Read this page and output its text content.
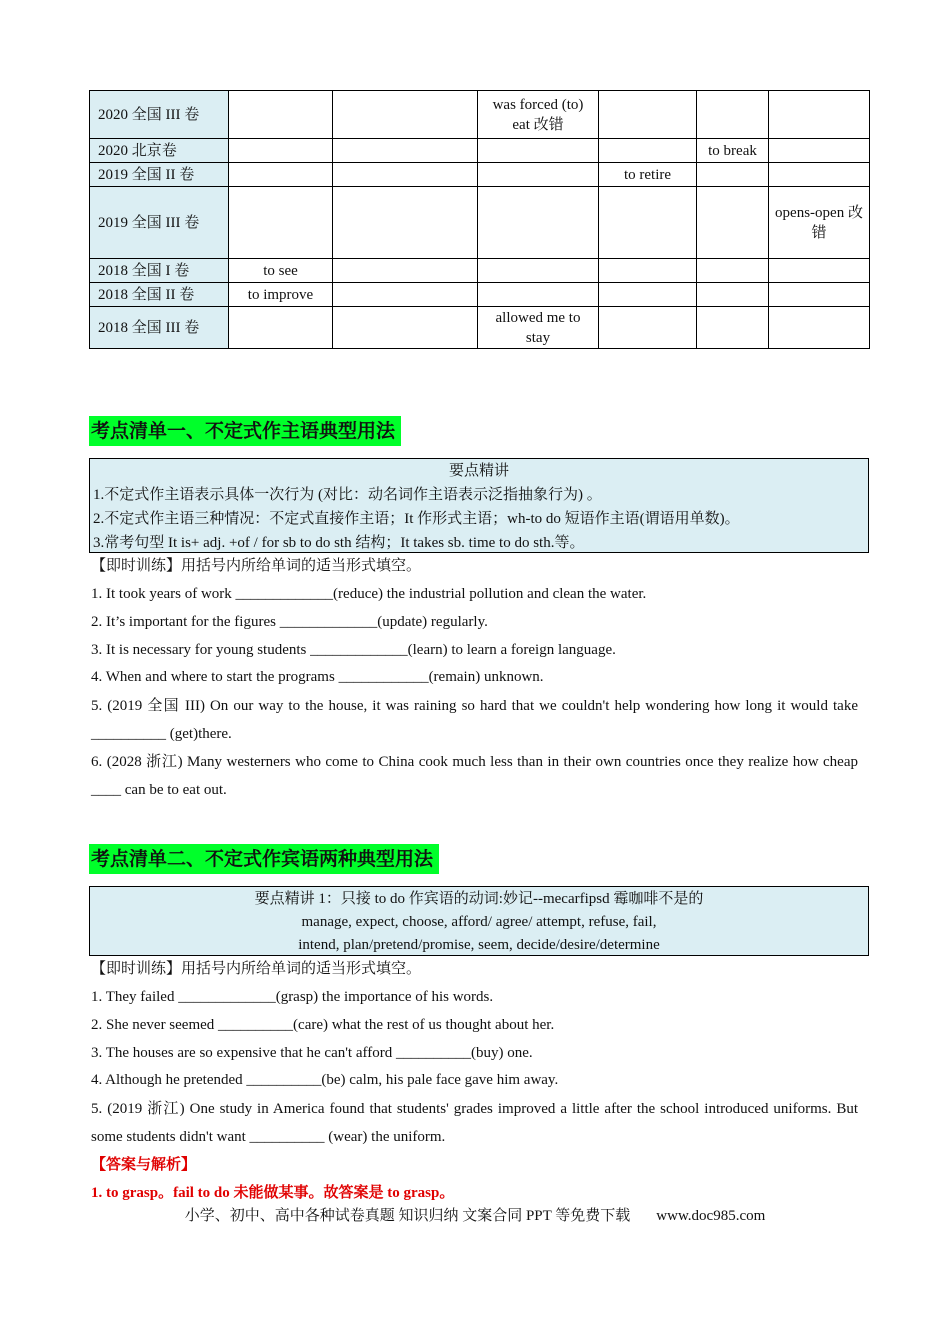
2020 全国 III 卷			was forced (to) eat 改错			
2020 北京卷					to break	
2019 全国 II 卷				to retire		
2019 全国 III 卷						opens-open 改错
2018 全国 I 卷	to see					
2018 全国 II 卷	to improve					
2018 全国 III 卷			allowed me to stay			
考点清单一、不定式作主语典型用法
要点精讲
1.不定式作主语表示具体一次行为 (对比：动名词作主语表示泛指抽象行为) 。
2.不定式作主语三种情况：不定式直接作主语；It 作形式主语；wh-to do 短语作主语(谓语用单数)。
3.常考句型 It is+ adj. +of / for sb to do sth 结构；It takes sb. time to do sth.等。
【即时训练】用括号内所给单词的适当形式填空。
1. It took years of work _____________(reduce) the industrial pollution and clean the water.
2. It’s important for the figures _____________(update) regularly.
3. It is necessary for young students _____________(learn) to learn a foreign language.
4. When and where to start the programs ____________(remain) unknown.
5. (2019 全国 III) On our way to the house, it was raining so hard that we couldn't help wondering how long it would take __________ (get)there.
6. (2028 浙江) Many westerners who come to China cook much less than in their own countries once they realize how cheap ____ can be to eat out.
考点清单二、不定式作宾语两种典型用法
要点精讲 1：只接 to do 作宾语的动词:妙记--mecarfipsd 霉咖啡不是的
manage, expect, choose, afford/ agree/ attempt, refuse, fail,
intend, plan/pretend/promise, seem, decide/desire/determine
【即时训练】用括号内所给单词的适当形式填空。
1. They failed _____________(grasp) the importance of his words.
2. She never seemed __________(care) what the rest of us thought about her.
3. The houses are so expensive that he can't afford __________(buy) one.
4. Although he pretended __________(be) calm, his pale face gave him away.
5. (2019 浙江) One study in America found that students' grades improved a little after the school introduced uniforms. But some students didn't want __________ (wear) the uniform.
【答案与解析】
1. to grasp。fail to do 未能做某事。故答案是 to grasp。
小学、初中、高中各种试卷真题 知识归纳 文案合同 PPT 等免费下载 www.doc985.com
